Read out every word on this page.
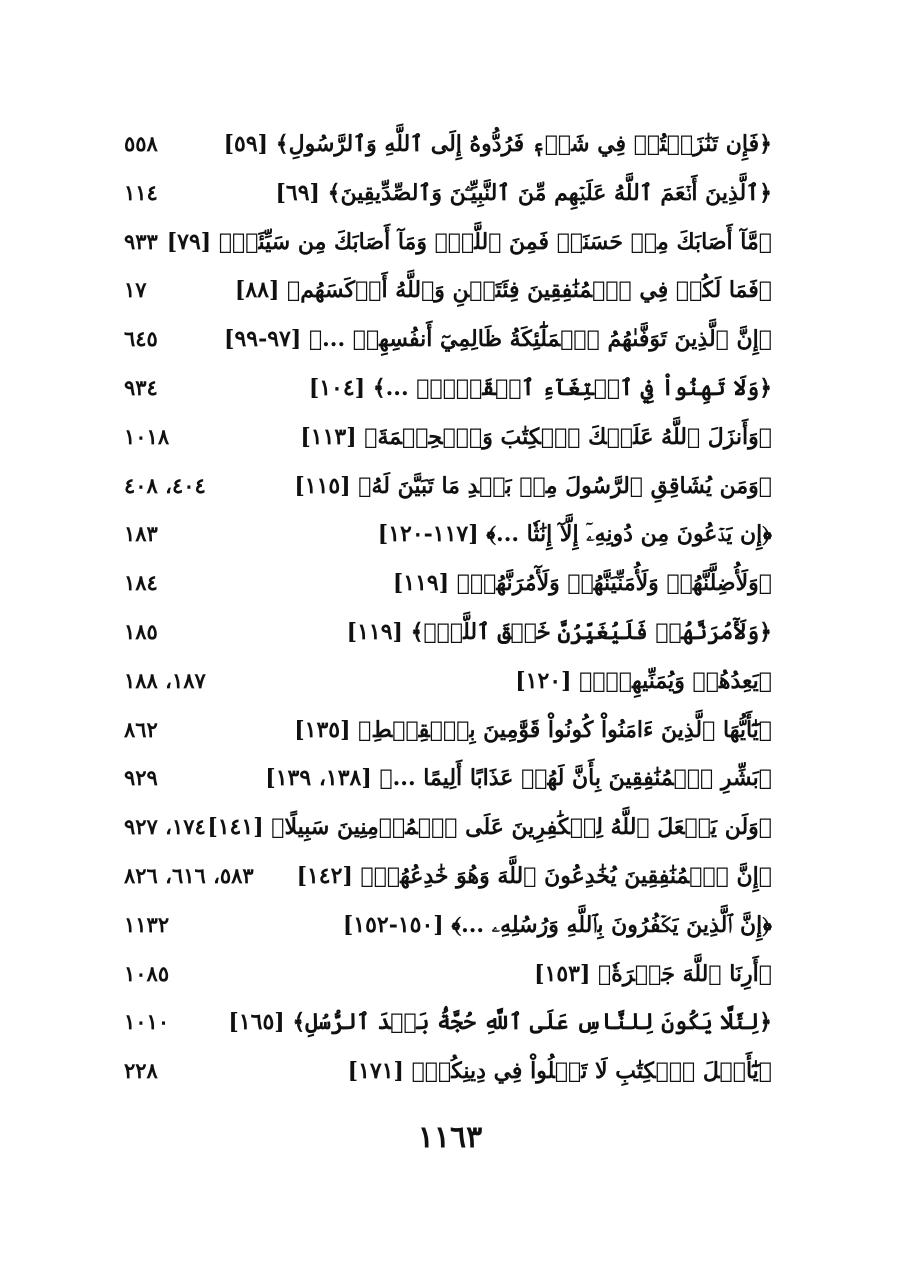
﴿فَإِن تَنَٰزَعۡتُمۡ فِي شَيۡءٖ فَرُدُّوهُ إِلَى ٱللَّهِ وَٱلرَّسُولِ﴾ [٥٩]
٥٥٨
﴿ٱلَّذِينَ أَنۡعَمَ ٱللَّهُ عَلَيۡهِم مِّنَ ٱلنَّبِيِّـۧنَ وَٱلصِّدِّيقِينَ﴾ [٦٩]
١١٤
﴿مَّآ أَصَابَكَ مِنۡ حَسَنَةٖ فَمِنَ ٱللَّهِۖ وَمَآ أَصَابَكَ مِن سَيِّئَةٖ﴾ [٧٩]
٩٣٣
﴿فَمَا لَكُمۡ فِي ٱلۡمُنَٰفِقِينَ فِئَتَيۡنِ وَٱللَّهُ أَرۡكَسَهُم﴾ [٨٨]
١٧
﴿إِنَّ ٱلَّذِينَ تَوَفَّىٰهُمُ ٱلۡمَلَٰٓئِكَةُ ظَالِمِيٓ أَنفُسِهِمۡ ...﴾ [٩٧-٩٩]
٦٤٥
﴿وَلَا تَهِنُواْ فِي ٱبۡتِغَآءِ ٱلۡقَوۡمِۖ ...﴾ [١٠٤]
٩٣٤
﴿وَأَنزَلَ ٱللَّهُ عَلَيۡكَ ٱلۡكِتَٰبَ وَٱلۡحِكۡمَةَ﴾ [١١٣]
١٠١٨
﴿وَمَن يُشَاقِقِ ٱلرَّسُولَ مِنۢ بَعۡدِ مَا تَبَيَّنَ لَهُ﴾ [١١٥]
٤٠٤، ٤٠٨
﴿إِن يَدۡعُونَ مِن دُونِهِۦٓ إِلَّآ إِنَٰثٗا ...﴾ [١١٧-١٢٠]
١٨٣
﴿وَلَأُضِلَّنَّهُمۡ وَلَأُمَنِّيَنَّهُمۡ وَلَأٓمُرَنَّهُمۡ﴾ [١١٩]
١٨٤
﴿وَلَأٓمُرَنَّهُمۡ فَلَيُغَيِّرُنَّ خَلۡقَ ٱللَّهِۚ﴾ [١١٩]
١٨٥
﴿يَعِدُهُمۡ وَيُمَنِّيهِمۡۖ﴾ [١٢٠]
١٨٧، ١٨٨
﴿يَٰٓأَيُّهَا ٱلَّذِينَ ءَامَنُواْ كُونُواْ قَوَّٰمِينَ بِٱلۡقِسۡطِ﴾ [١٣٥]
٨٦٢
﴿بَشِّرِ ٱلۡمُنَٰفِقِينَ بِأَنَّ لَهُمۡ عَذَابًا أَلِيمًا ...﴾ [١٣٨، ١٣٩]
٩٢٩
﴿وَلَن يَجۡعَلَ ٱللَّهُ لِلۡكَٰفِرِينَ عَلَى ٱلۡمُؤۡمِنِينَ سَبِيلًا﴾ [١٤١]
١٧٤، ٩٢٧
﴿إِنَّ ٱلۡمُنَٰفِقِينَ يُخَٰدِعُونَ ٱللَّهَ وَهُوَ خَٰدِعُهُمۡ﴾ [١٤٢]
٥٨٣، ٦١٦، ٨٢٦
﴿إِنَّ ٱلَّذِينَ يَكۡفُرُونَ بِٱللَّهِ وَرُسُلِهِۦ ...﴾ [١٥٠-١٥٢]
١١٣٢
﴿أَرِنَا ٱللَّهَ جَهۡرَةٗ﴾ [١٥٣]
١٠٨٥
﴿لِئَلَّا يَكُونَ لِلنَّاسِ عَلَى ٱللَّهِ حُجَّةُۢ بَعۡدَ ٱلرُّسُلِ﴾ [١٦٥]
١٠١٠
﴿يَٰٓأَهۡلَ ٱلۡكِتَٰبِ لَا تَغۡلُواْ فِي دِينِكُمۡ﴾ [١٧١]
٢٢٨
١١٦٣
